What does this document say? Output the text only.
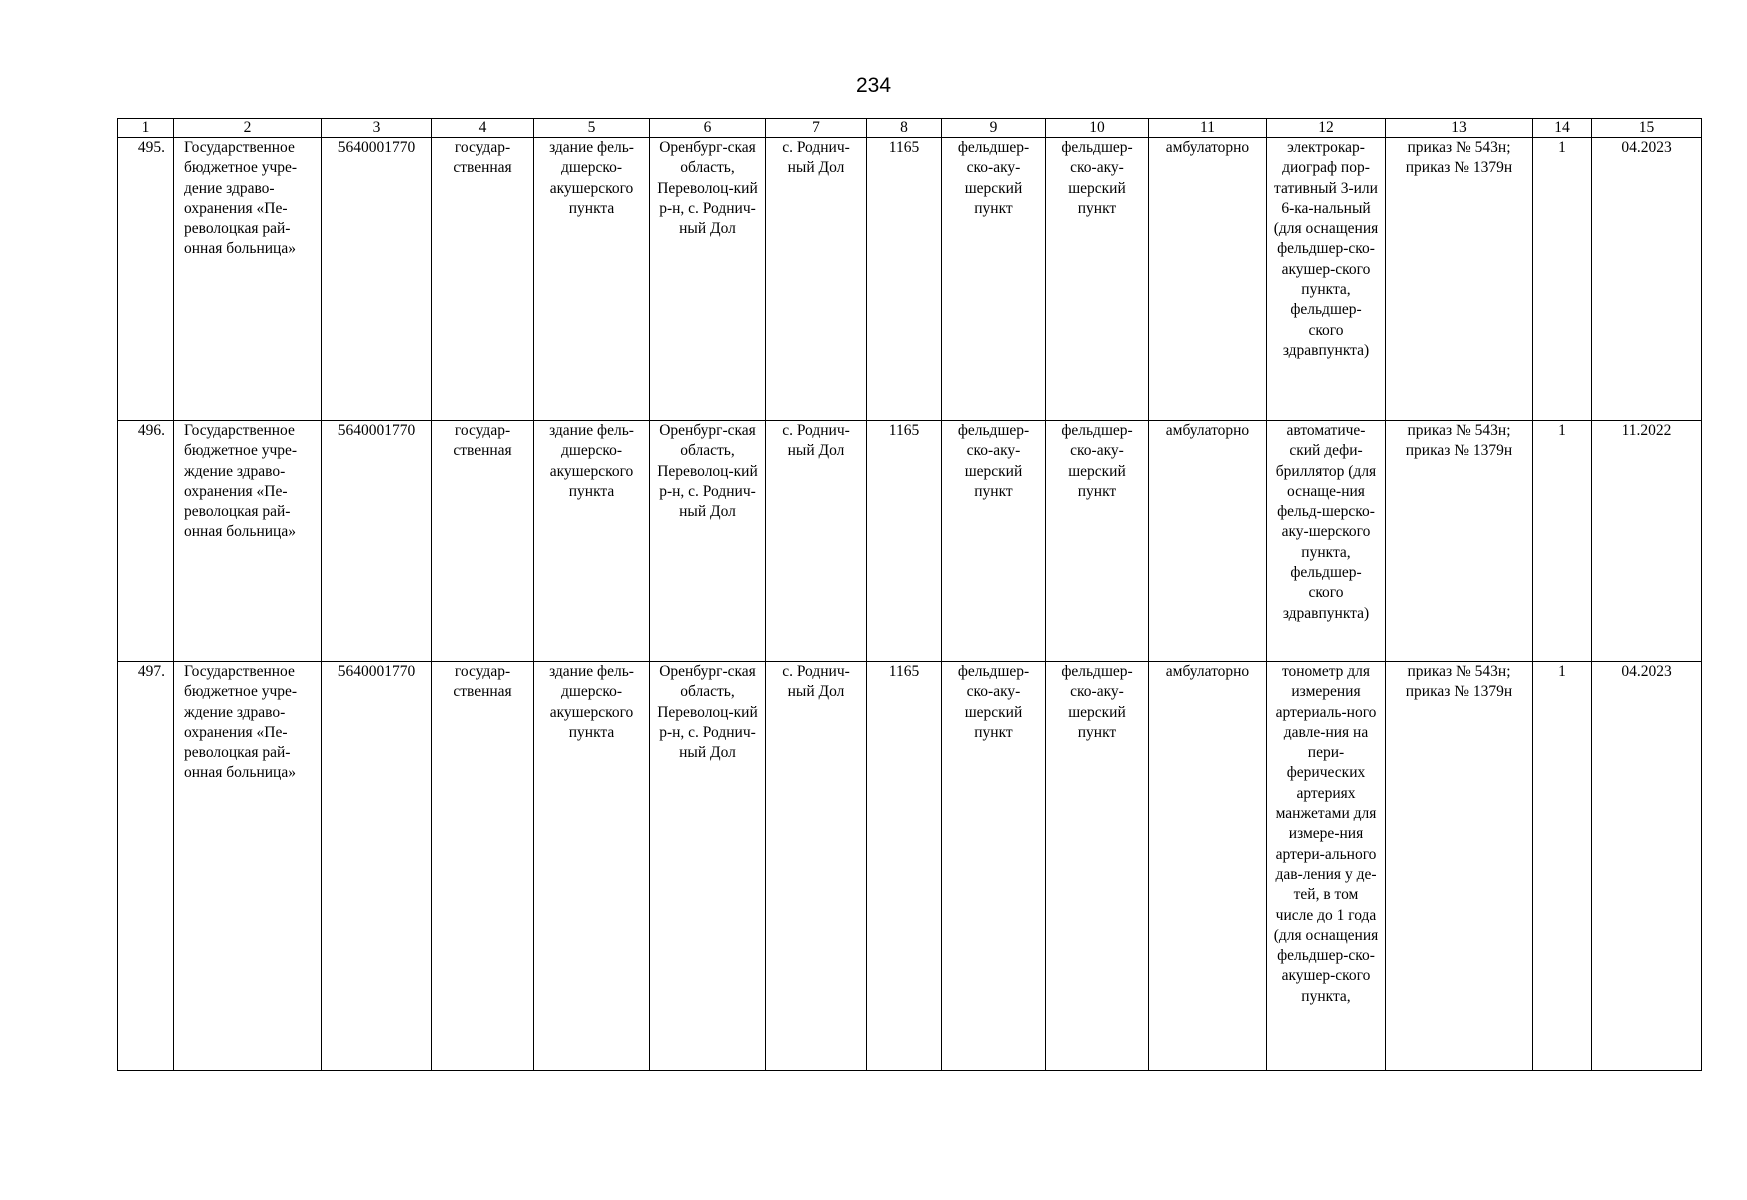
234
1	2	3	4	5	6	7	8	9	10	11	12	13	14	15
495.	Государственное бюджетное учре-дение здраво-охранения «Пе-револоцкая рай-онная больница»	5640001770	государ-ственная	здание фель-дшерско-акушерского пункта	Оренбург-ская область, Переволоц-кий р-н, с. Роднич-ный Дол	с. Роднич-ный Дол	1165	фельдшер-ско-аку-шерский пункт	фельдшер-ско-аку-шерский пункт	амбулаторно	электрокар-диограф пор-тативный 3-или 6-ка-нальный (для оснащения фельдшер-ско-акушер-ского пункта, фельдшер-ского здравпункта)	приказ № 543н; приказ № 1379н	1	04.2023
496.	Государственное бюджетное учре-ждение здраво-охранения «Пе-револоцкая рай-онная больница»	5640001770	государ-ственная	здание фель-дшерско-акушерского пункта	Оренбург-ская область, Переволоц-кий р-н, с. Роднич-ный Дол	с. Роднич-ный Дол	1165	фельдшер-ско-аку-шерский пункт	фельдшер-ско-аку-шерский пункт	амбулаторно	автоматиче-ский дефи-бриллятор (для оснаще-ния фельд-шерско-аку-шерского пункта, фельдшер-ского здравпункта)	приказ № 543н; приказ № 1379н	1	11.2022
497.	Государственное бюджетное учре-ждение здраво-охранения «Пе-револоцкая рай-онная больница»	5640001770	государ-ственная	здание фель-дшерско-акушерского пункта	Оренбург-ская область, Переволоц-кий р-н, с. Роднич-ный Дол	с. Роднич-ный Дол	1165	фельдшер-ско-аку-шерский пункт	фельдшер-ско-аку-шерский пункт	амбулаторно	тонометр для измерения артериаль-ного давле-ния на пери-ферических артериях манжетами для измере-ния артери-ального дав-ления у де-тей, в том числе до 1 года (для оснащения фельдшер-ско-акушер-ского пункта,	приказ № 543н; приказ № 1379н	1	04.2023
